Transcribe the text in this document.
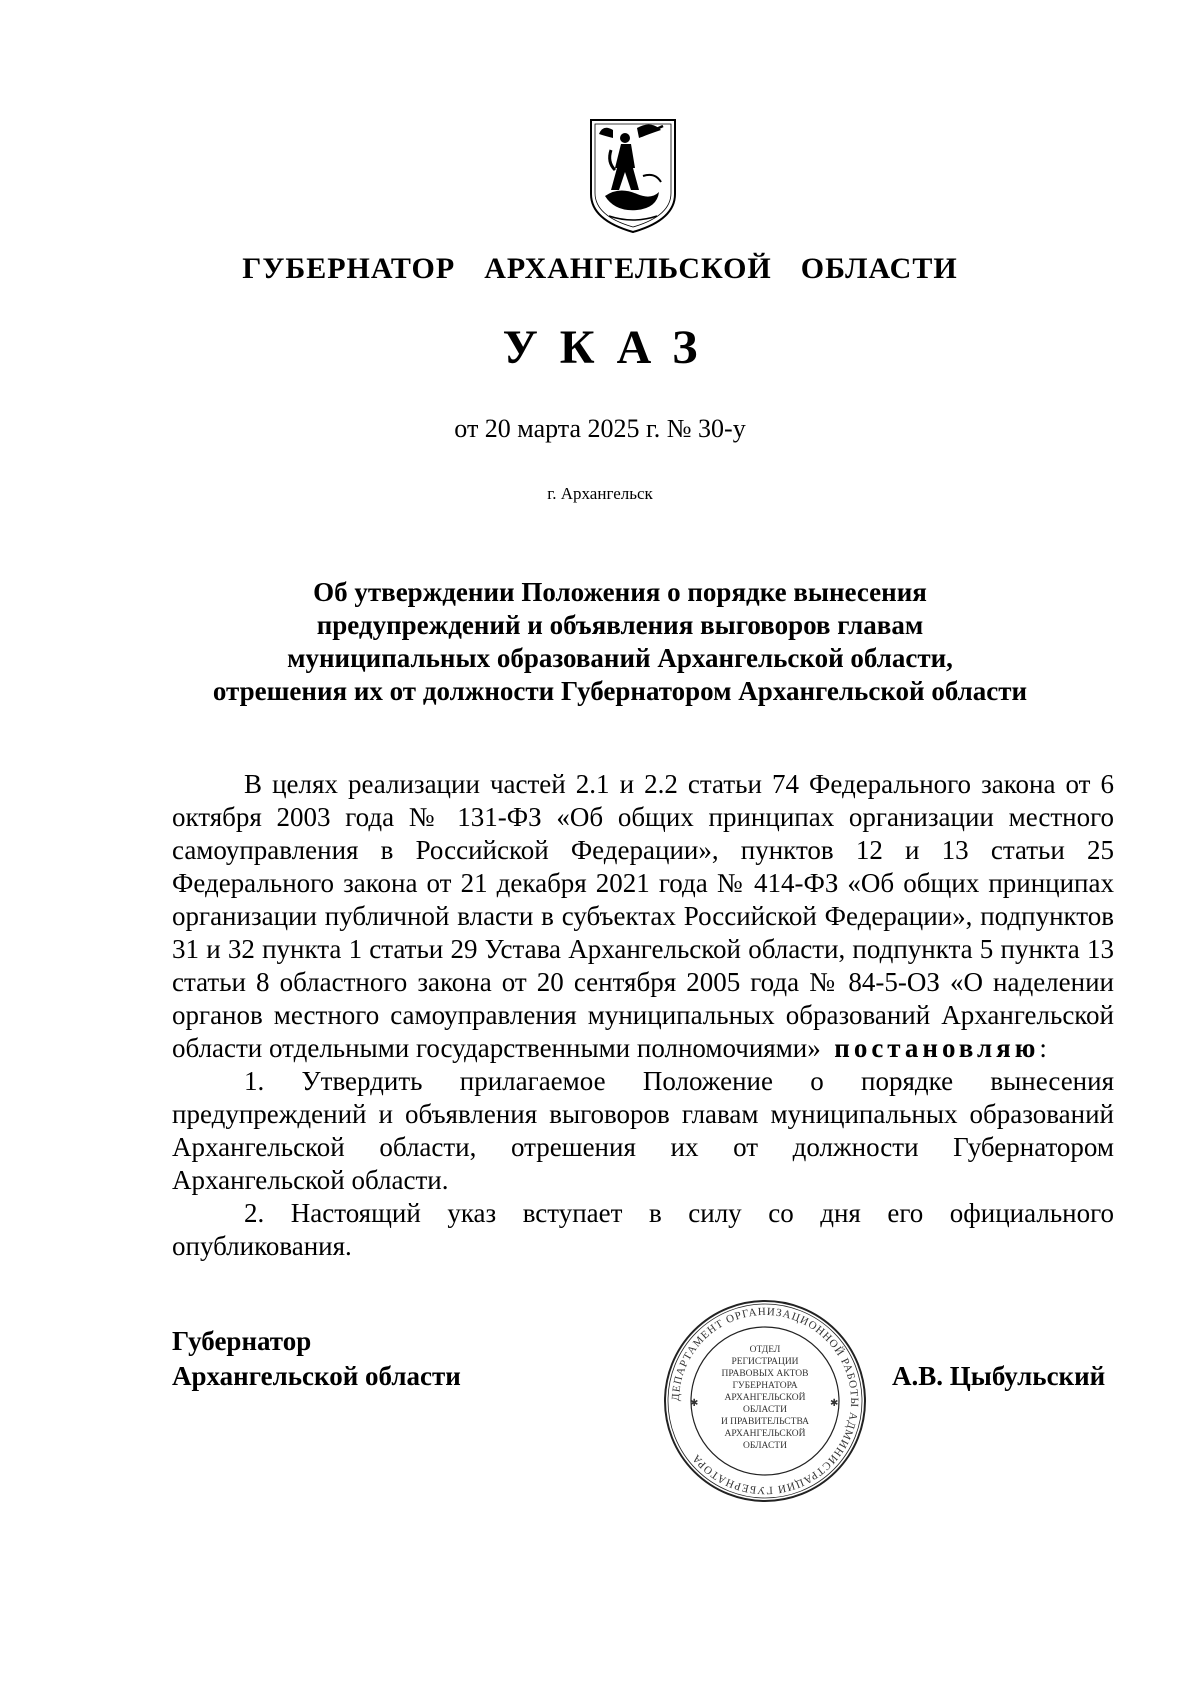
ГУБЕРНАТОР  АРХАНГЕЛЬСКОЙ  ОБЛАСТИ
УКАЗ
от 20 марта 2025 г. № 30-у
г. Архангельск
Об утверждении Положения о порядке вынесения
предупреждений и объявления выговоров главам
муниципальных образований Архангельской области,
отрешения их от должности Губернатором Архангельской области

В целях реализации частей 2.1 и 2.2 статьи 74 Федерального закона от 6 октября 2003 года № 131-ФЗ «Об общих принципах организации местного самоуправления в Российской Федерации», пунктов 12 и 13 статьи 25 Федерального закона от 21 декабря 2021 года № 414-ФЗ «Об общих принципах организации публичной власти в субъектах Российской Федерации», подпунктов 31 и 32 пункта 1 статьи 29 Устава Архангельской области, подпункта 5 пункта 13 статьи 8 областного закона от 20 сентября 2005 года № 84-5-ОЗ «О наделении органов местного самоуправления муниципальных образований Архангельской области отдельными государственными полномочиями» постановляю:

1. Утвердить прилагаемое Положение о порядке вынесения предупреждений и объявления выговоров главам муниципальных образований Архангельской области, отрешения их от должности Губернатором Архангельской области.

2. Настоящий указ вступает в силу со дня его официального опубликования.

Губернатор
Архангельской области
ДЕПАРТАМЕНТ ОРГАНИЗАЦИОННОЙ РАБОТЫ АДМИНИСТРАЦИИ ГУБЕРНАТОРА
ОТДЕЛ
РЕГИСТРАЦИИ
ПРАВОВЫХ АКТОВ
ГУБЕРНАТОРА
АРХАНГЕЛЬСКОЙ
ОБЛАСТИ
И ПРАВИТЕЛЬСТВА
АРХАНГЕЛЬСКОЙ
ОБЛАСТИ
✱	✱
А.В. Цыбульский
